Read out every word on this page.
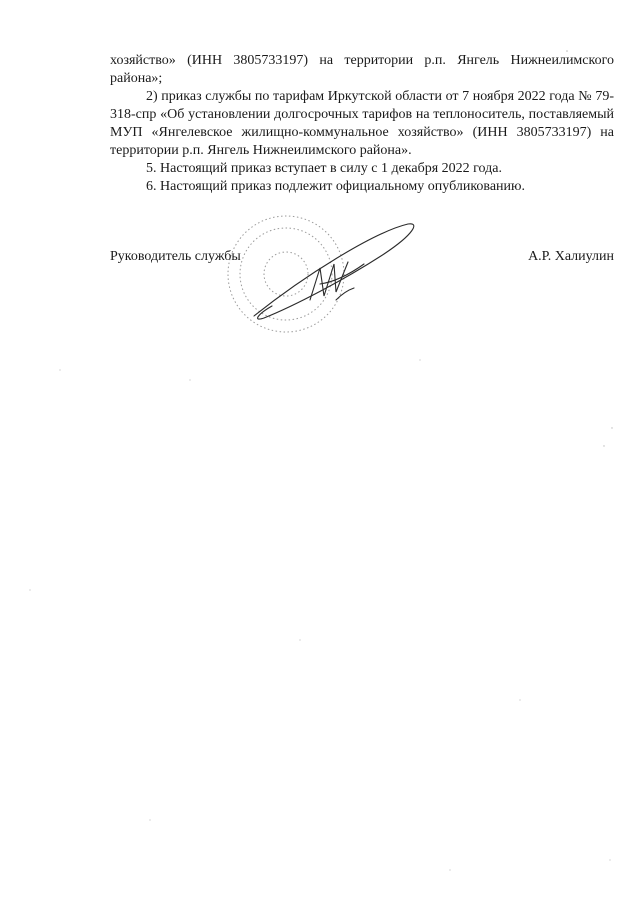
хозяйство» (ИНН 3805733197) на территории р.п. Янгель Нижнеилимского района»;

2) приказ службы по тарифам Иркутской области от 7 ноября 2022 года № 79-318-спр «Об установлении долгосрочных тарифов на теплоноситель, поставляемый МУП «Янгелевское жилищно-коммунальное хозяйство» (ИНН 3805733197) на территории р.п. Янгель Нижнеилимского района».

5. Настоящий приказ вступает в силу с 1 декабря 2022 года.

6. Настоящий приказ подлежит официальному опубликованию.

Руководитель службы	А.Р. Халиулин
